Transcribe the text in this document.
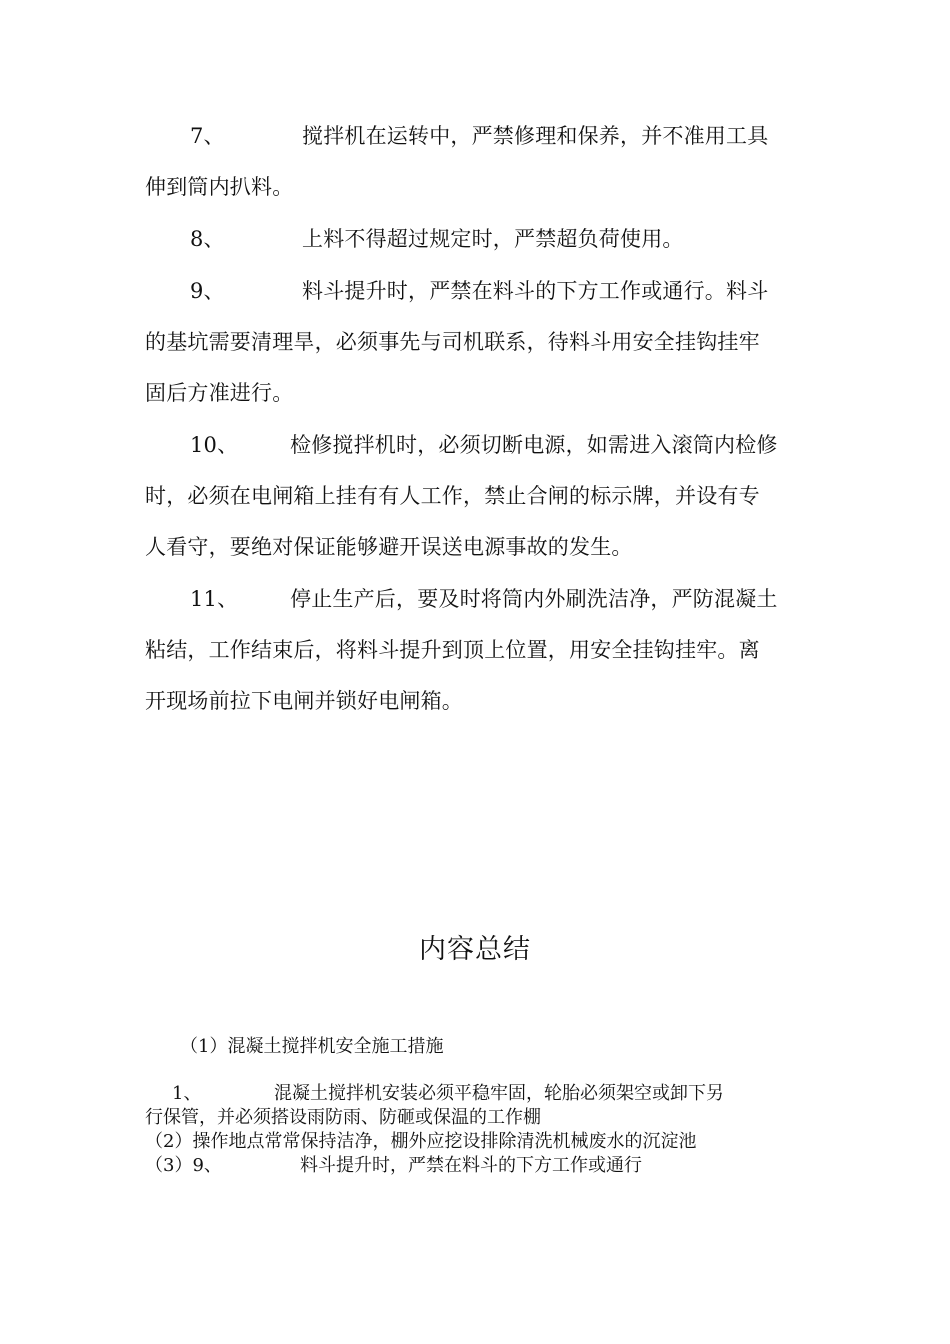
7、	搅拌机在运转中，严禁修理和保养，并不准用工具
伸到筒内扒料。
8、	上料不得超过规定时，严禁超负荷使用。
9、	料斗提升时，严禁在料斗的下方工作或通行。料斗
的基坑需要清理旱，必须事先与司机联系，待料斗用安全挂钩挂牢
固后方准进行。
10、 检修搅拌机时，必须切断电源，如需进入滚筒内检修
时，必须在电闸箱上挂有有人工作，禁止合闸的标示牌，并设有专
人看守，要绝对保证能够避开误送电源事故的发生。
11、 停止生产后，要及时将筒内外刷洗洁净，严防混凝土
粘结，工作结束后，将料斗提升到顶上位置，用安全挂钩挂牢。离
开现场前拉下电闸并锁好电闸箱。
内容总结
（1）混凝土搅拌机安全施工措施
1、	混凝土搅拌机安装必须平稳牢固，轮胎必须架空或卸下另
行保管，并必须搭设雨防雨、防砸或保温的工作棚
（2）操作地点常常保持洁净，棚外应挖设排除清洗机械废水的沉淀池
（3）9、	料斗提升时，严禁在料斗的下方工作或通行
